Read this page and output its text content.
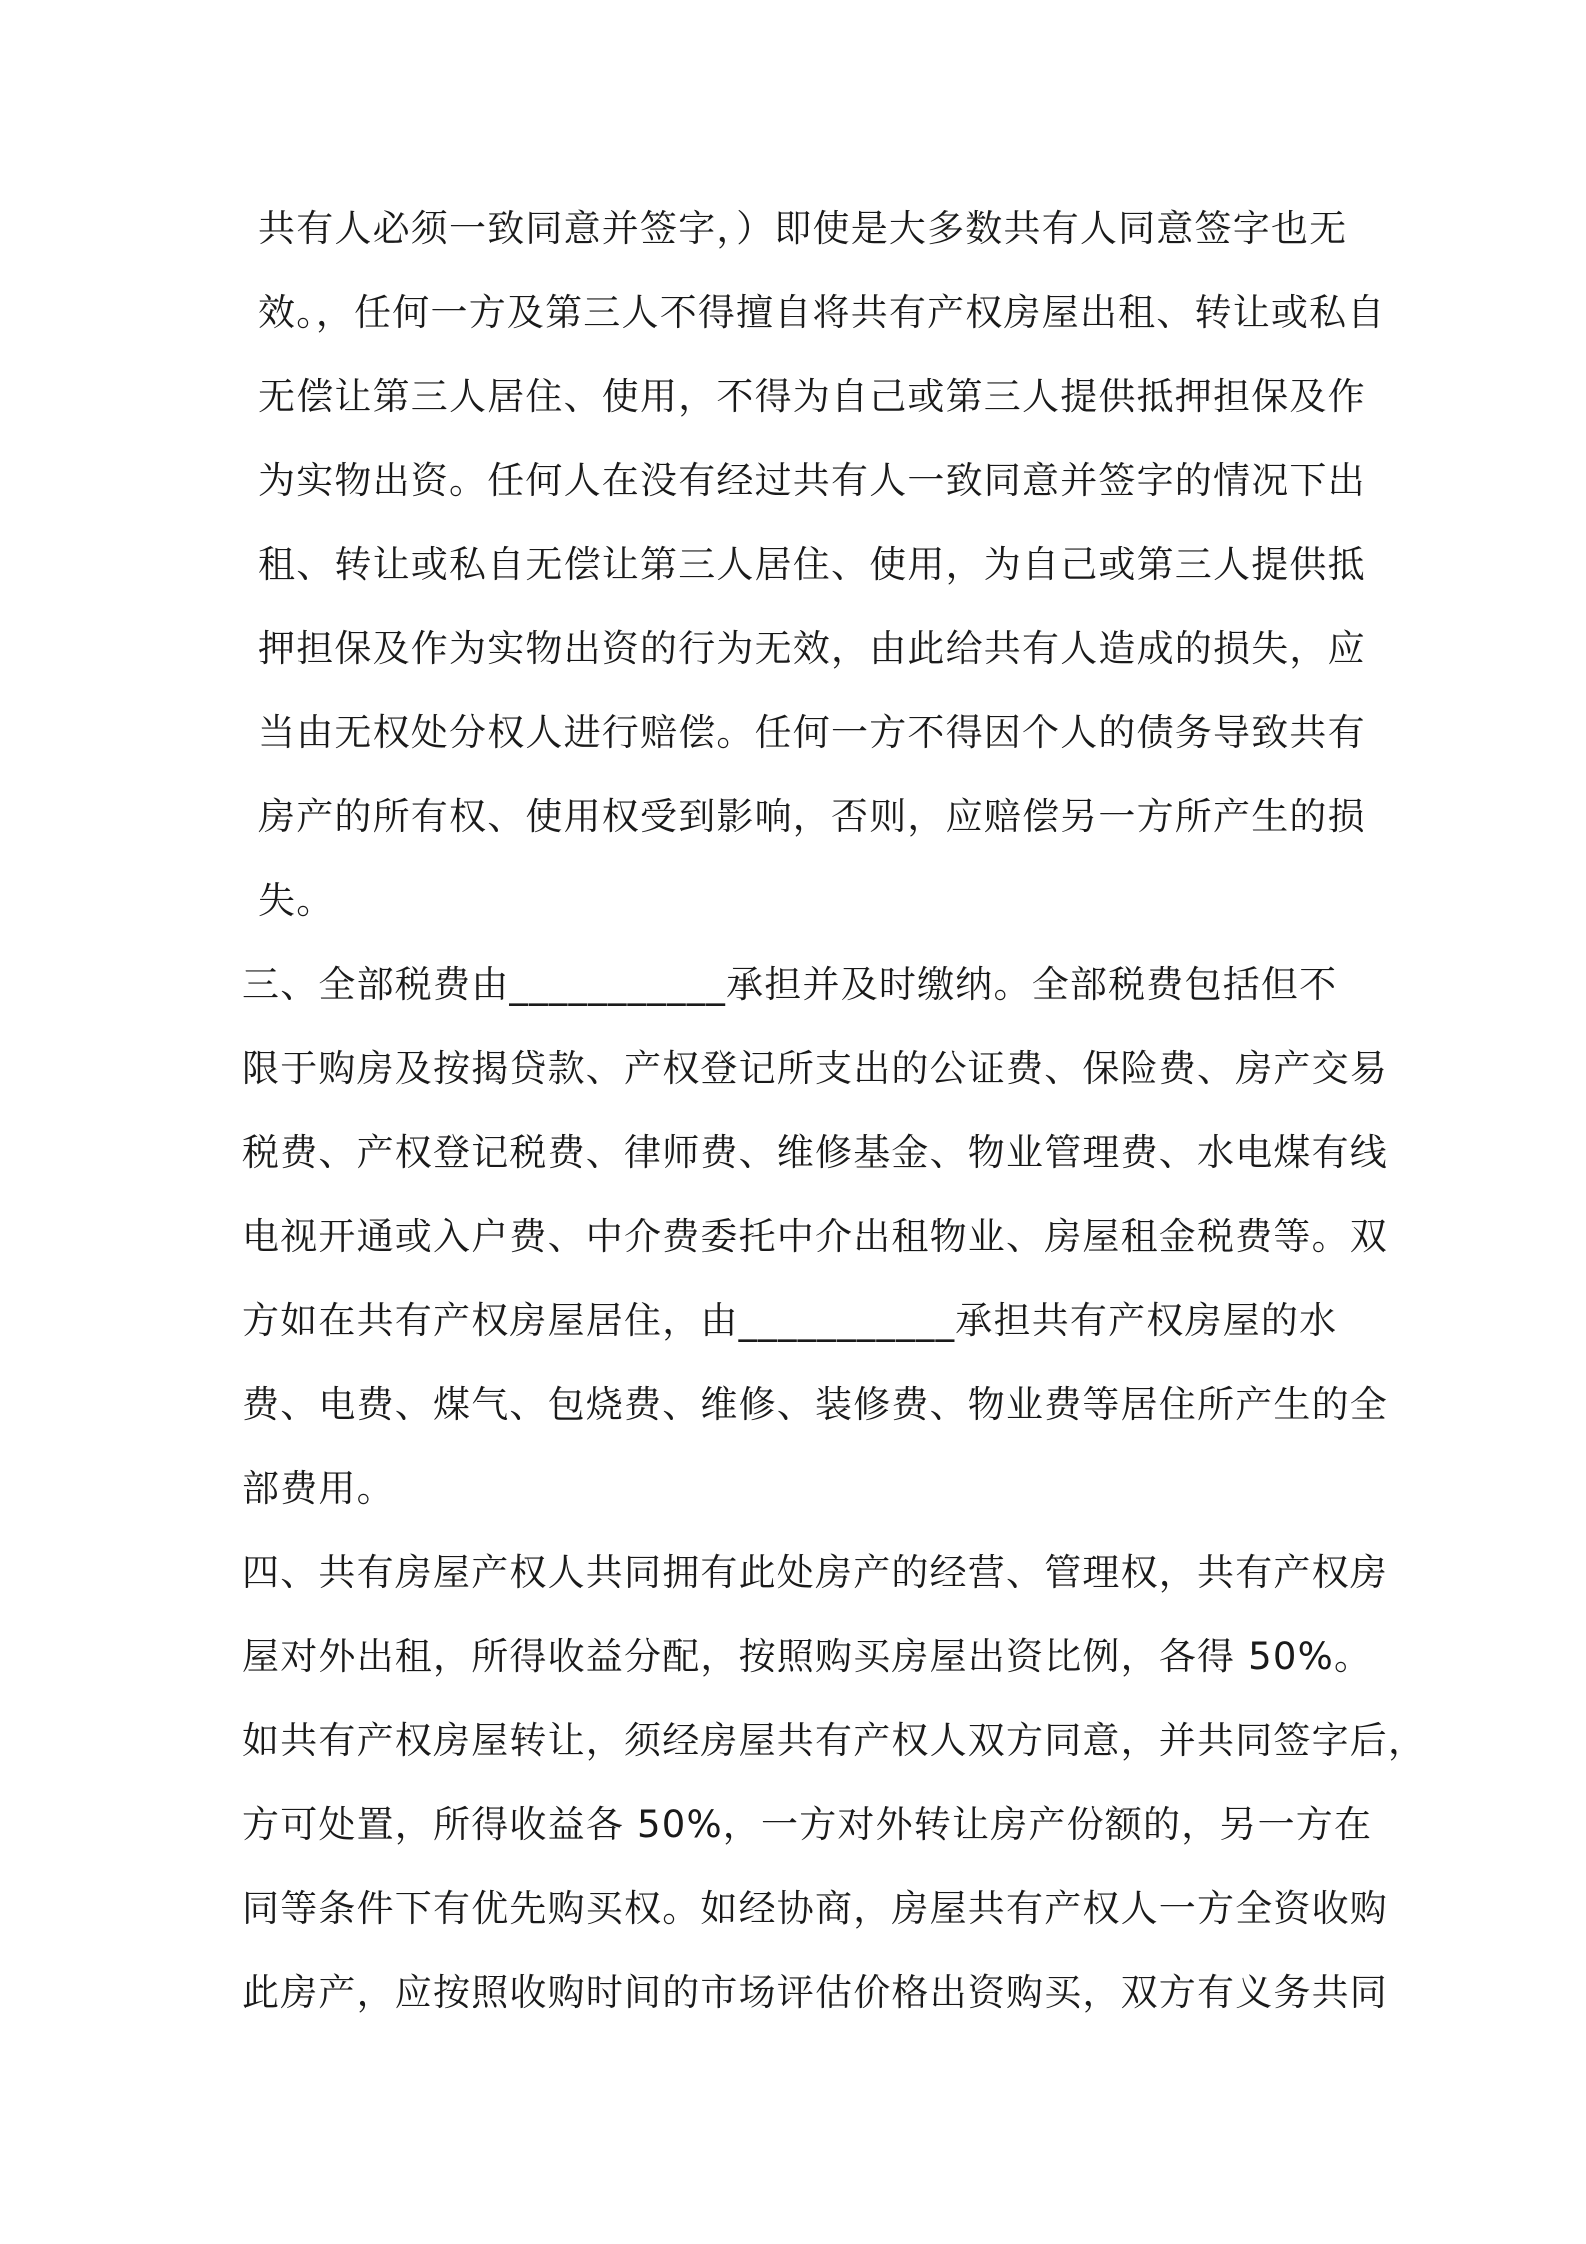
共有人必须一致同意并签字，）即使是大多数共有人同意签字也无
效。，任何一方及第三人不得擅自将共有产权房屋出租、转让或私自
无偿让第三人居住、使用，不得为自己或第三人提供抵押担保及作
为实物出资。任何人在没有经过共有人一致同意并签字的情况下出
租、转让或私自无偿让第三人居住、使用，为自己或第三人提供抵
押担保及作为实物出资的行为无效，由此给共有人造成的损失，应
当由无权处分权人进行赔偿。任何一方不得因个人的债务导致共有
房产的所有权、使用权受到影响，否则，应赔偿另一方所产生的损
失。
三、全部税费由___________承担并及时缴纳。全部税费包括但不
限于购房及按揭贷款、产权登记所支出的公证费、保险费、房产交易
税费、产权登记税费、律师费、维修基金、物业管理费、水电煤有线
电视开通或入户费、中介费委托中介出租物业、房屋租金税费等。双
方如在共有产权房屋居住，由___________承担共有产权房屋的水
费、电费、煤气、包烧费、维修、装修费、物业费等居住所产生的全
部费用。
四、共有房屋产权人共同拥有此处房产的经营、管理权，共有产权房
屋对外出租，所得收益分配，按照购买房屋出资比例，各得 50%。
如共有产权房屋转让，须经房屋共有产权人双方同意，并共同签字后，
方可处置，所得收益各 50%，一方对外转让房产份额的，另一方在
同等条件下有优先购买权。如经协商，房屋共有产权人一方全资收购
此房产，应按照收购时间的市场评估价格出资购买，双方有义务共同
